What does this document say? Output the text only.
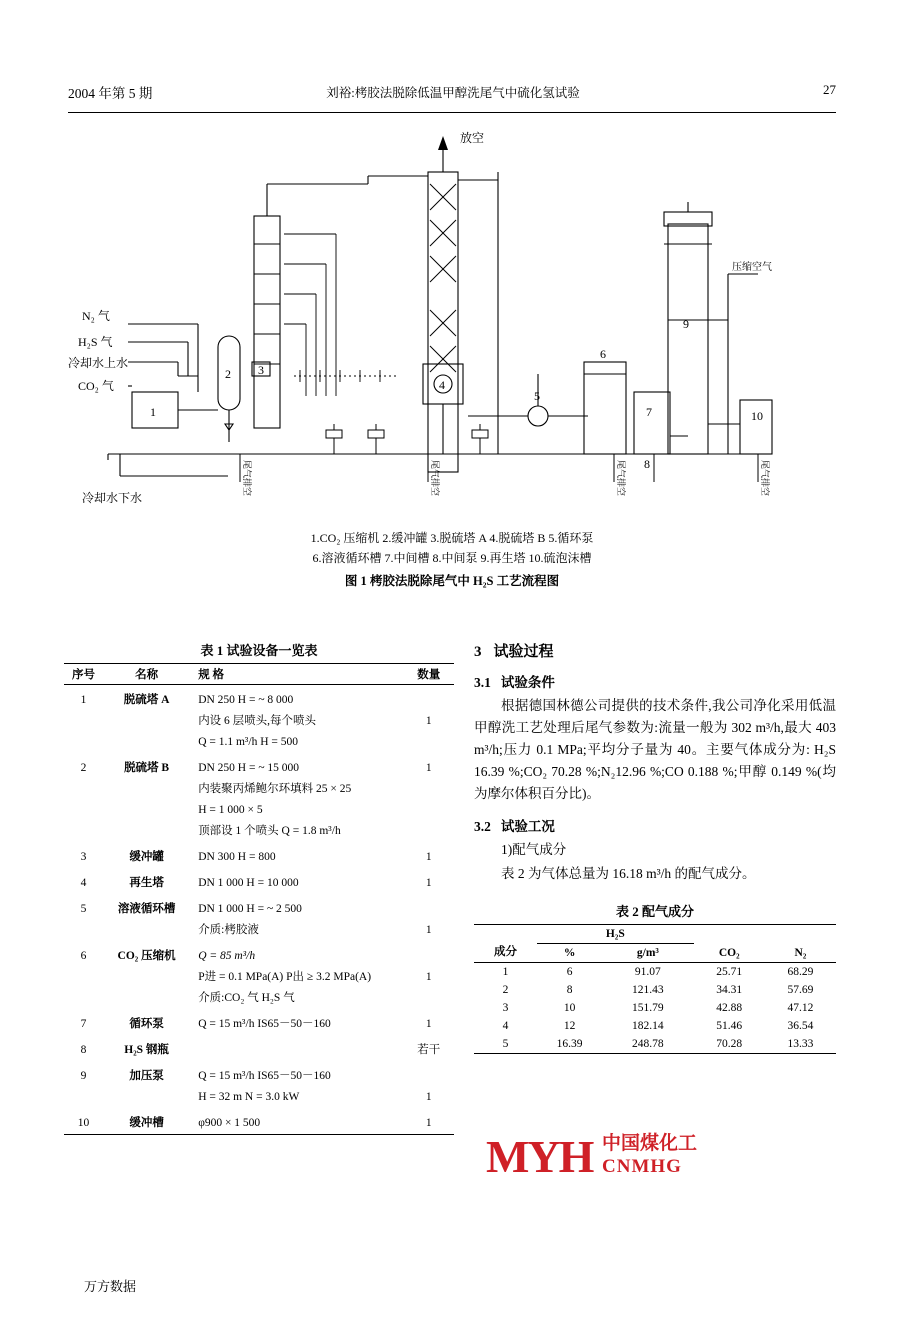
2004 年第 5 期	刘裕:栲胶法脱除低温甲醇洗尾气中硫化氢试验	27
放空
N₂ 气
H₂S 气
冷却水上水
CO₂ 气
冷却水下水
压缩空气
1
2 3
4
5
6
7
8
9
10
尾气排空	尾气排空	尾气排空	尾气排空
1.CO₂ 压缩机 2.缓冲罐 3.脱硫塔 A 4.脱硫塔 B 5.循环泵
6.溶液循环槽 7.中间槽 8.中间泵 9.再生塔 10.硫泡沫槽
图 1 栲胶法脱除尾气中 H₂S 工艺流程图
表 1 试验设备一览表
序号	名称	规 格	数量
1	脱硫塔 A	DN 250 H = ~ 8 000	
		内设 6 层喷头,每个喷头	1
		Q = 1.1 m³/h H = 500	
2	脱硫塔 B	DN 250 H = ~ 15 000	1
		内装聚丙烯鲍尔环填料 25 × 25	
		H = 1 000 × 5	
		顶部设 1 个喷头 Q = 1.8 m³/h	
3	缓冲罐	DN 300 H = 800	1
4	再生塔	DN 1 000 H = 10 000	1
5	溶液循环槽	DN 1 000 H = ~ 2 500	
		介质:栲胶液	1
6	CO₂ 压缩机	Q = 85 m³/h	
		P进 = 0.1 MPa(A) P出 ≥ 3.2 MPa(A)	1
		介质:CO₂ 气 H₂S 气	
7	循环泵	Q = 15 m³/h IS65－50－160	1
8	H₂S 钢瓶		若干
9	加压泵	Q = 15 m³/h IS65－50－160	
		H = 32 m N = 3.0 kW	1
10	缓冲槽	φ900 × 1 500	1
3 试验过程
3.1 试验条件

根据德国林德公司提供的技术条件,我公司净化采用低温甲醇洗工艺处理后尾气参数为:流量一般为 302 m³/h,最大 403 m³/h;压力 0.1 MPa;平均分子量为 40。主要气体成分为: H₂S 16.39 %;CO₂ 70.28 %;N₂12.96 %;CO 0.188 %;甲醇 0.149 %(均为摩尔体积百分比)。

3.2 试验工况

1)配气成分

表 2 为气体总量为 16.18 m³/h 的配气成分。

表 2 配气成分
成分	H₂S		CO₂	N₂
	%	g/m³		
1	6	91.07	25.71	68.29
2	8	121.43	34.31	57.69
3	10	151.79	42.88	47.12
4	12	182.14	51.46	36.54
5	16.39	248.78	70.28	13.33
MYH 中国煤化工
CNMHG
万方数据
